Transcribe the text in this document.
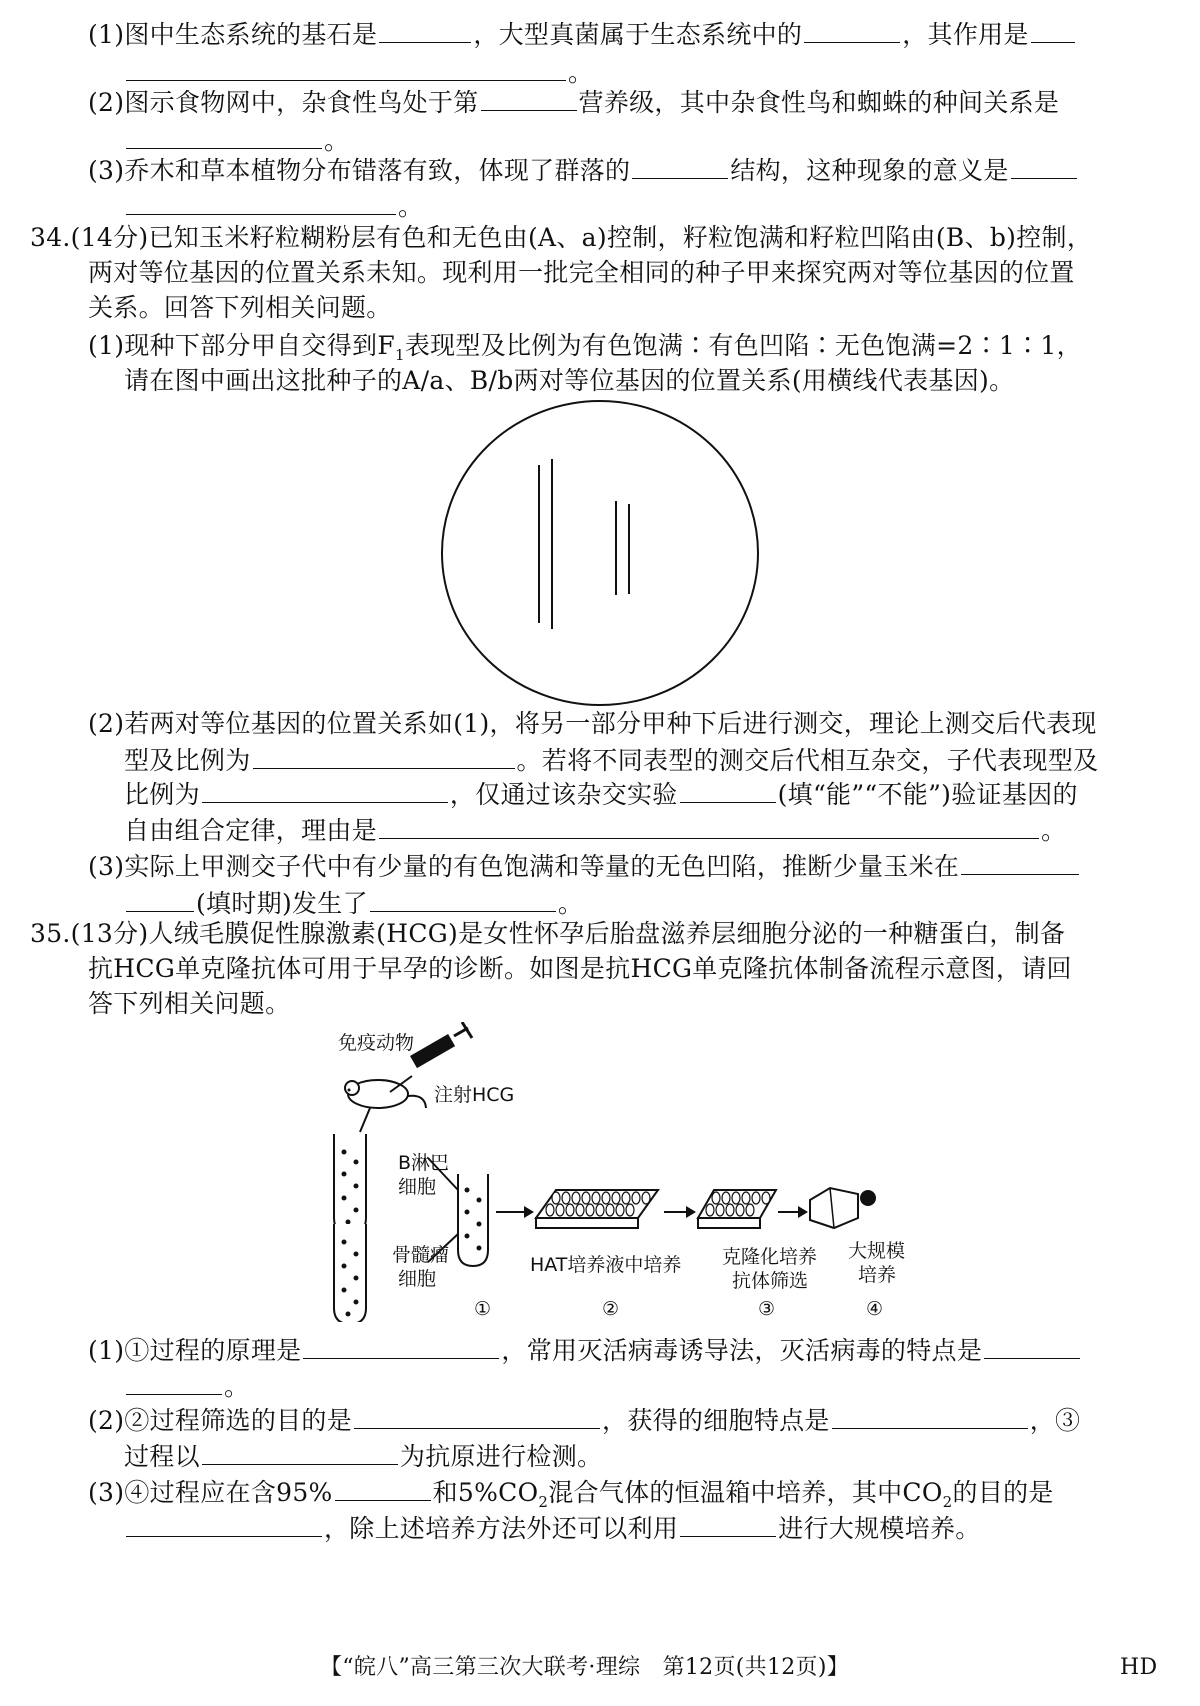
(1)图中生态系统的基石是	，大型真菌属于生态系统中的	，其作用是
。
(2)图示食物网中，杂食性鸟处于第	营养级，其中杂食性鸟和蜘蛛的种间关系是
。
(3)乔木和草本植物分布错落有致，体现了群落的	结构，这种现象的意义是
。
34.(14分)已知玉米籽粒糊粉层有色和无色由(A、a)控制，籽粒饱满和籽粒凹陷由(B、b)控制，
两对等位基因的位置关系未知。现利用一批完全相同的种子甲来探究两对等位基因的位置
关系。回答下列相关问题。
(1)现种下部分甲自交得到$F_1$表现型及比例为有色饱满∶有色凹陷∶无色饱满=2∶1∶1，
请在图中画出这批种子的A/a、B/b两对等位基因的位置关系(用横线代表基因)。
(2)若两对等位基因的位置关系如(1)，将另一部分甲种下后进行测交，理论上测交后代表现
型及比例为	。若将不同表型的测交后代相互杂交，子代表现型及
比例为	，仅通过该杂交实验	(填“能”“不能”)验证基因的
自由组合定律，理由是	。
(3)实际上甲测交子代中有少量的有色饱满和等量的无色凹陷，推断少量玉米在
(填时期)发生了	。
35.(13分)人绒毛膜促性腺激素(HCG)是女性怀孕后胎盘滋养层细胞分泌的一种糖蛋白，制备
抗HCG单克隆抗体可用于早孕的诊断。如图是抗HCG单克隆抗体制备流程示意图，请回
答下列相关问题。
免疫动物
注射HCG
B淋巴
细胞
骨髓瘤
细胞
HAT培养液中培养 克隆化培养
抗体筛选
大规模
培养
①	②	③	④
(1)①过程的原理是	，常用灭活病毒诱导法，灭活病毒的特点是
。
(2)②过程筛选的目的是	，获得的细胞特点是	，③
过程以	为抗原进行检测。
(3)④过程应在含95%	和$5\%CO_2$混合气体的恒温箱中培养，其中$CO_2$的目的是
，除上述培养方法外还可以利用	进行大规模培养。
【“皖八”高三第三次大联考·理综　第12页(共12页)】	HD
